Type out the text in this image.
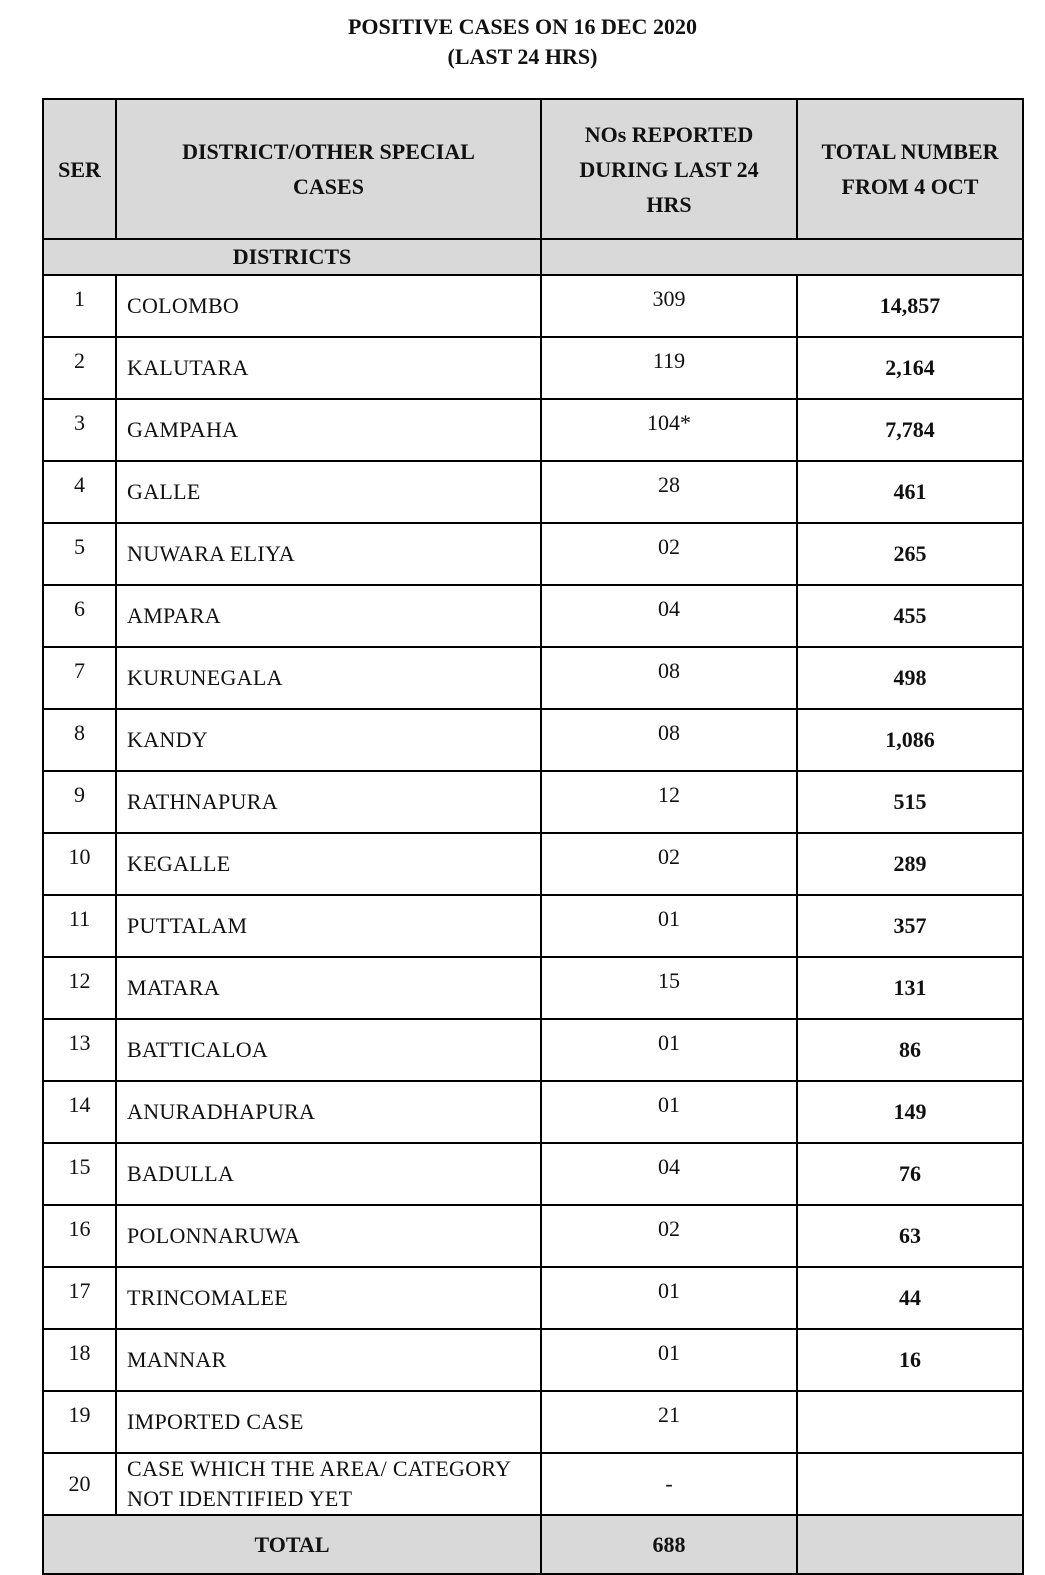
POSITIVE CASES ON 16 DEC 2020
(LAST 24 HRS)
SER	DISTRICT/OTHER SPECIAL CASES	NOs REPORTED DURING LAST 24 HRS	TOTAL NUMBER FROM 4 OCT
DISTRICTS			
1	COLOMBO	309	14,857
2	KALUTARA	119	2,164
3	GAMPAHA	104*	7,784
4	GALLE	28	461
5	NUWARA ELIYA	02	265
6	AMPARA	04	455
7	KURUNEGALA	08	498
8	KANDY	08	1,086
9	RATHNAPURA	12	515
10	KEGALLE	02	289
11	PUTTALAM	01	357
12	MATARA	15	131
13	BATTICALOA	01	86
14	ANURADHAPURA	01	149
15	BADULLA	04	76
16	POLONNARUWA	02	63
17	TRINCOMALEE	01	44
18	MANNAR	01	16
19	IMPORTED CASE	21	
20	CASE WHICH THE AREA/ CATEGORY NOT IDENTIFIED YET	-	
TOTAL		688	
